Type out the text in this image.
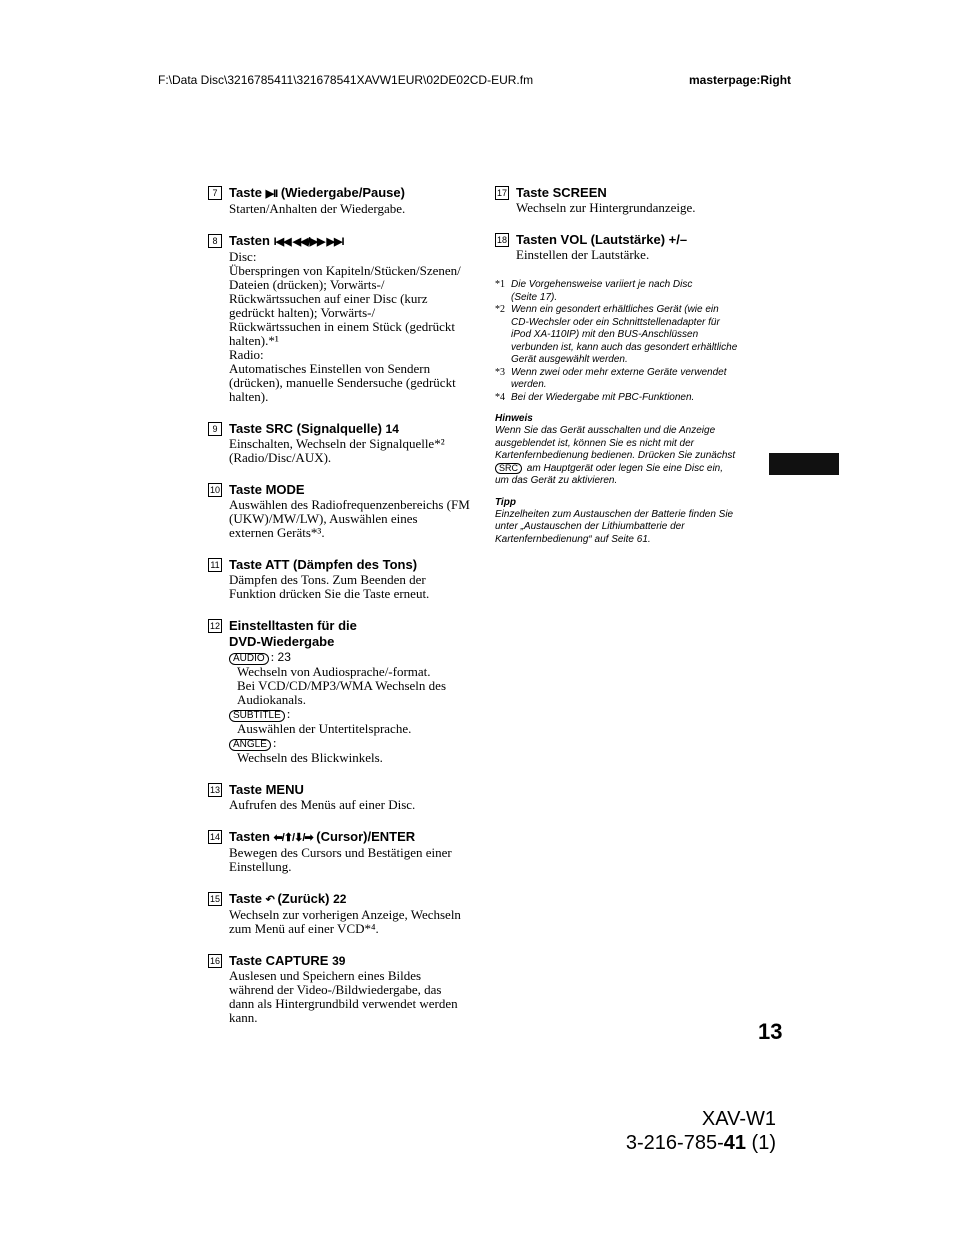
F:\Data Disc\3216785411\321678541XAVW1EUR\02DE02CD-EUR.fm	masterpage:Right
7 Taste ▶II (Wiedergabe/Pause)
Starten/Anhalten der Wiedergabe.
8 Tasten I◀◀ ◀◀/▶▶ ▶▶I
Disc:
Überspringen von Kapiteln/Stücken/Szenen/
Dateien (drücken); Vorwärts-/
Rückwärtssuchen auf einer Disc (kurz
gedrückt halten); Vorwärts-/
Rückwärtssuchen in einem Stück (gedrückt
halten).*¹
Radio:
Automatisches Einstellen von Sendern
(drücken), manuelle Sendersuche (gedrückt
halten).
9 Taste SRC (Signalquelle) 14
Einschalten, Wechseln der Signalquelle*²
(Radio/Disc/AUX).
10 Taste MODE
Auswählen des Radiofrequenzenbereichs (FM
(UKW)/MW/LW), Auswählen eines
externen Geräts*³.
11 Taste ATT (Dämpfen des Tons)
Dämpfen des Tons. Zum Beenden der
Funktion drücken Sie die Taste erneut.
12 Einstelltasten für die
DVD-Wiedergabe
AUDIO : 23
Wechseln von Audiosprache/-format.
Bei VCD/CD/MP3/WMA Wechseln des
Audiokanals.
SUBTITLE :
Auswählen der Untertitelsprache.
ANGLE :
Wechseln des Blickwinkels.
13 Taste MENU
Aufrufen des Menüs auf einer Disc.
14 Tasten ⬅/⬆/⬇/➡ (Cursor)/ENTER
Bewegen des Cursors und Bestätigen einer
Einstellung.
15 Taste ↶ (Zurück) 22
Wechseln zur vorherigen Anzeige, Wechseln
zum Menü auf einer VCD*⁴.
16 Taste CAPTURE 39
Auslesen und Speichern eines Bildes
während der Video-/Bildwiedergabe, das
dann als Hintergrundbild verwendet werden
kann.
17 Taste SCREEN
Wechseln zur Hintergrundanzeige.
18 Tasten VOL (Lautstärke) +/–
Einstellen der Lautstärke.
*1 Die Vorgehensweise variiert je nach Disc
(Seite 17).
*2 Wenn ein gesondert erhältliches Gerät (wie ein
CD-Wechsler oder ein Schnittstellenadapter für
iPod XA-110IP) mit den BUS-Anschlüssen
verbunden ist, kann auch das gesondert erhältliche
Gerät ausgewählt werden.
*3 Wenn zwei oder mehr externe Geräte verwendet
werden.
*4 Bei der Wiedergabe mit PBC-Funktionen.
Hinweis
Wenn Sie das Gerät ausschalten und die Anzeige
ausgeblendet ist, können Sie es nicht mit der
Kartenfernbedienung bedienen. Drücken Sie zunächst
SRC am Hauptgerät oder legen Sie eine Disc ein,
um das Gerät zu aktivieren.
Tipp
Einzelheiten zum Austauschen der Batterie finden Sie
unter „Austauschen der Lithiumbatterie der
Kartenfernbedienung“ auf Seite 61.
13
XAV-W1
3-216-785-41 (1)
